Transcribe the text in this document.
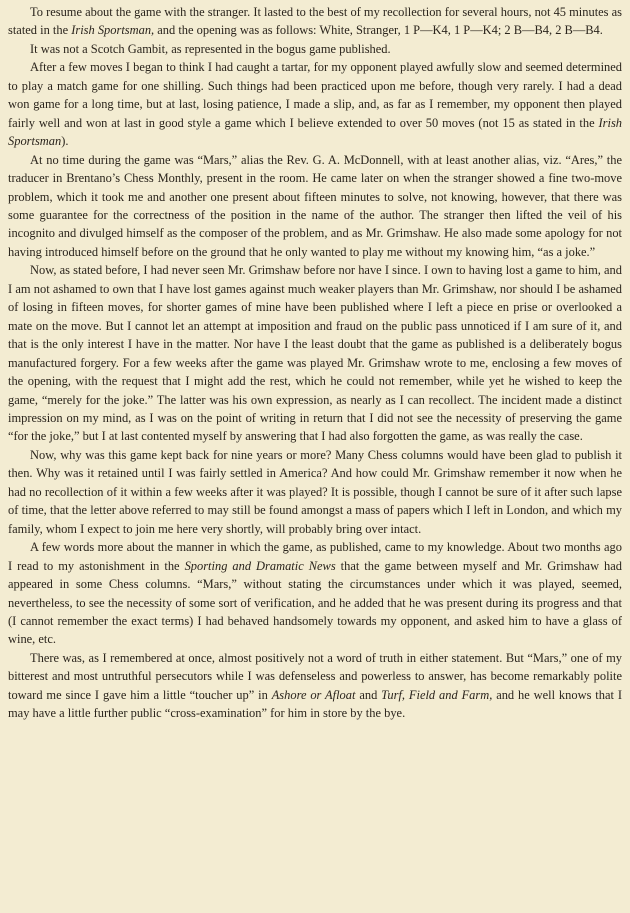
To resume about the game with the stranger. It lasted to the best of my recollection for several hours, not 45 minutes as stated in the Irish Sportsman, and the opening was as follows: White, Stranger, 1 P—K4, 1 P—K4; 2 B—B4, 2 B—B4.

It was not a Scotch Gambit, as represented in the bogus game published.

After a few moves I began to think I had caught a tartar, for my opponent played awfully slow and seemed determined to play a match game for one shilling. Such things had been practiced upon me before, though very rarely. I had a dead won game for a long time, but at last, losing patience, I made a slip, and, as far as I remember, my opponent then played fairly well and won at last in good style a game which I believe extended to over 50 moves (not 15 as stated in the Irish Sportsman).

At no time during the game was “Mars,” alias the Rev. G. A. McDonnell, with at least another alias, viz. “Ares,” the traducer in Brentano’s Chess Monthly, present in the room. He came later on when the stranger showed a fine two-move problem, which it took me and another one present about fifteen minutes to solve, not knowing, however, that there was some guarantee for the correctness of the position in the name of the author. The stranger then lifted the veil of his incognito and divulged himself as the composer of the problem, and as Mr. Grimshaw. He also made some apology for not having introduced himself before on the ground that he only wanted to play me without my knowing him, “as a joke.”

Now, as stated before, I had never seen Mr. Grimshaw before nor have I since. I own to having lost a game to him, and I am not ashamed to own that I have lost games against much weaker players than Mr. Grimshaw, nor should I be ashamed of losing in fifteen moves, for shorter games of mine have been published where I left a piece en prise or overlooked a mate on the move. But I cannot let an attempt at imposition and fraud on the public pass unnoticed if I am sure of it, and that is the only interest I have in the matter. Nor have I the least doubt that the game as published is a deliberately bogus manufactured forgery. For a few weeks after the game was played Mr. Grimshaw wrote to me, enclosing a few moves of the opening, with the request that I might add the rest, which he could not remember, while yet he wished to keep the game, “merely for the joke.” The latter was his own expression, as nearly as I can recollect. The incident made a distinct impression on my mind, as I was on the point of writing in return that I did not see the necessity of preserving the game “for the joke,” but I at last contented myself by answering that I had also forgotten the game, as was really the case.

Now, why was this game kept back for nine years or more? Many Chess columns would have been glad to publish it then. Why was it retained until I was fairly settled in America? And how could Mr. Grimshaw remember it now when he had no recollection of it within a few weeks after it was played? It is possible, though I cannot be sure of it after such lapse of time, that the letter above referred to may still be found amongst a mass of papers which I left in London, and which my family, whom I expect to join me here very shortly, will probably bring over intact.

A few words more about the manner in which the game, as published, came to my knowledge. About two months ago I read to my astonishment in the Sporting and Dramatic News that the game between myself and Mr. Grimshaw had appeared in some Chess columns. “Mars,” without stating the circumstances under which it was played, seemed, nevertheless, to see the necessity of some sort of verification, and he added that he was present during its progress and that (I cannot remember the exact terms) I had behaved handsomely towards my opponent, and asked him to have a glass of wine, etc.

There was, as I remembered at once, almost positively not a word of truth in either statement. But “Mars,” one of my bitterest and most untruthful persecutors while I was defenseless and powerless to answer, has become remarkably polite toward me since I gave him a little “toucher up” in Ashore or Afloat and Turf, Field and Farm, and he well knows that I may have a little further public “cross-examination” for him in store by the bye.
